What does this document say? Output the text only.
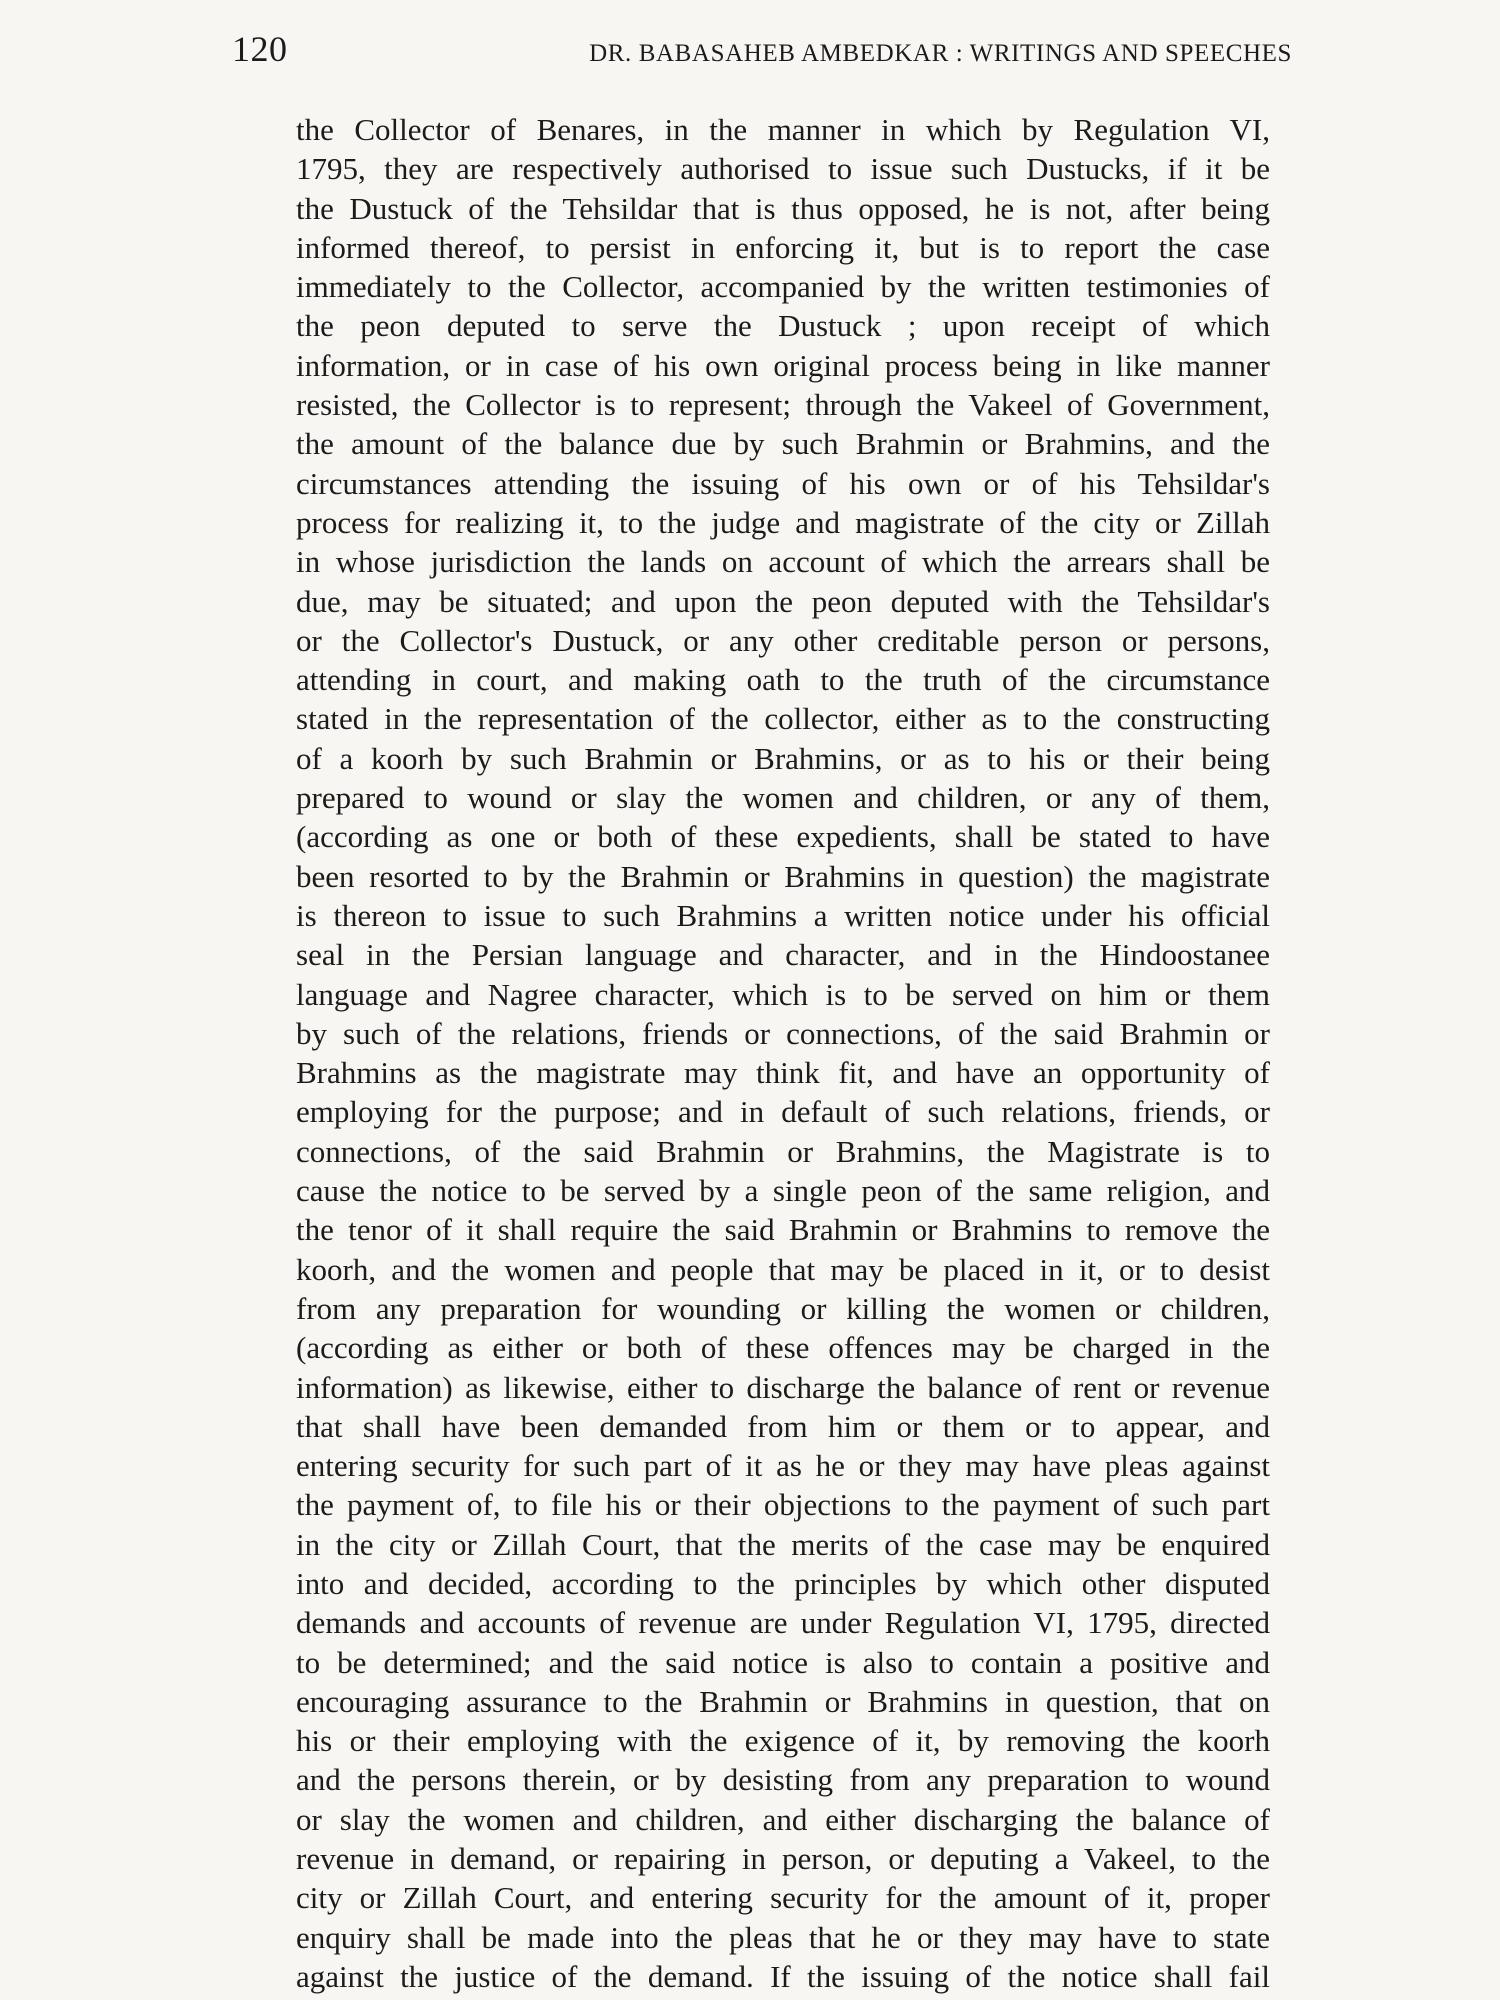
120	DR. BABASAHEB AMBEDKAR : WRITINGS AND SPEECHES
the Collector of Benares, in the manner in which by Regulation VI,
1795, they are respectively authorised to issue such Dustucks, if it be
the Dustuck of the Tehsildar that is thus opposed, he is not, after being
informed thereof, to persist in enforcing it, but is to report the case
immediately to the Collector, accompanied by the written testimonies of
the peon deputed to serve the Dustuck ; upon receipt of which
information, or in case of his own original process being in like manner
resisted, the Collector is to represent; through the Vakeel of Government,
the amount of the balance due by such Brahmin or Brahmins, and the
circumstances attending the issuing of his own or of his Tehsildar's
process for realizing it, to the judge and magistrate of the city or Zillah
in whose jurisdiction the lands on account of which the arrears shall be
due, may be situated; and upon the peon deputed with the Tehsildar's
or the Collector's Dustuck, or any other creditable person or persons,
attending in court, and making oath to the truth of the circumstance
stated in the representation of the collector, either as to the constructing
of a koorh by such Brahmin or Brahmins, or as to his or their being
prepared to wound or slay the women and children, or any of them,
(according as one or both of these expedients, shall be stated to have
been resorted to by the Brahmin or Brahmins in question) the magistrate
is thereon to issue to such Brahmins a written notice under his official
seal in the Persian language and character, and in the Hindoostanee
language and Nagree character, which is to be served on him or them
by such of the relations, friends or connections, of the said Brahmin or
Brahmins as the magistrate may think fit, and have an opportunity of
employing for the purpose; and in default of such relations, friends, or
connections, of the said Brahmin or Brahmins, the Magistrate is to
cause the notice to be served by a single peon of the same religion, and
the tenor of it shall require the said Brahmin or Brahmins to remove the
koorh, and the women and people that may be placed in it, or to desist
from any preparation for wounding or killing the women or children,
(according as either or both of these offences may be charged in the
information) as likewise, either to discharge the balance of rent or revenue
that shall have been demanded from him or them or to appear, and
entering security for such part of it as he or they may have pleas against
the payment of, to file his or their objections to the payment of such part
in the city or Zillah Court, that the merits of the case may be enquired
into and decided, according to the principles by which other disputed
demands and accounts of revenue are under Regulation VI, 1795, directed
to be determined; and the said notice is also to contain a positive and
encouraging assurance to the Brahmin or Brahmins in question, that on
his or their employing with the exigence of it, by removing the koorh
and the persons therein, or by desisting from any preparation to wound
or slay the women and children, and either discharging the balance of
revenue in demand, or repairing in person, or deputing a Vakeel, to the
city or Zillah Court, and entering security for the amount of it, proper
enquiry shall be made into the pleas that he or they may have to state
against the justice of the demand. If the issuing of the notice shall fail
